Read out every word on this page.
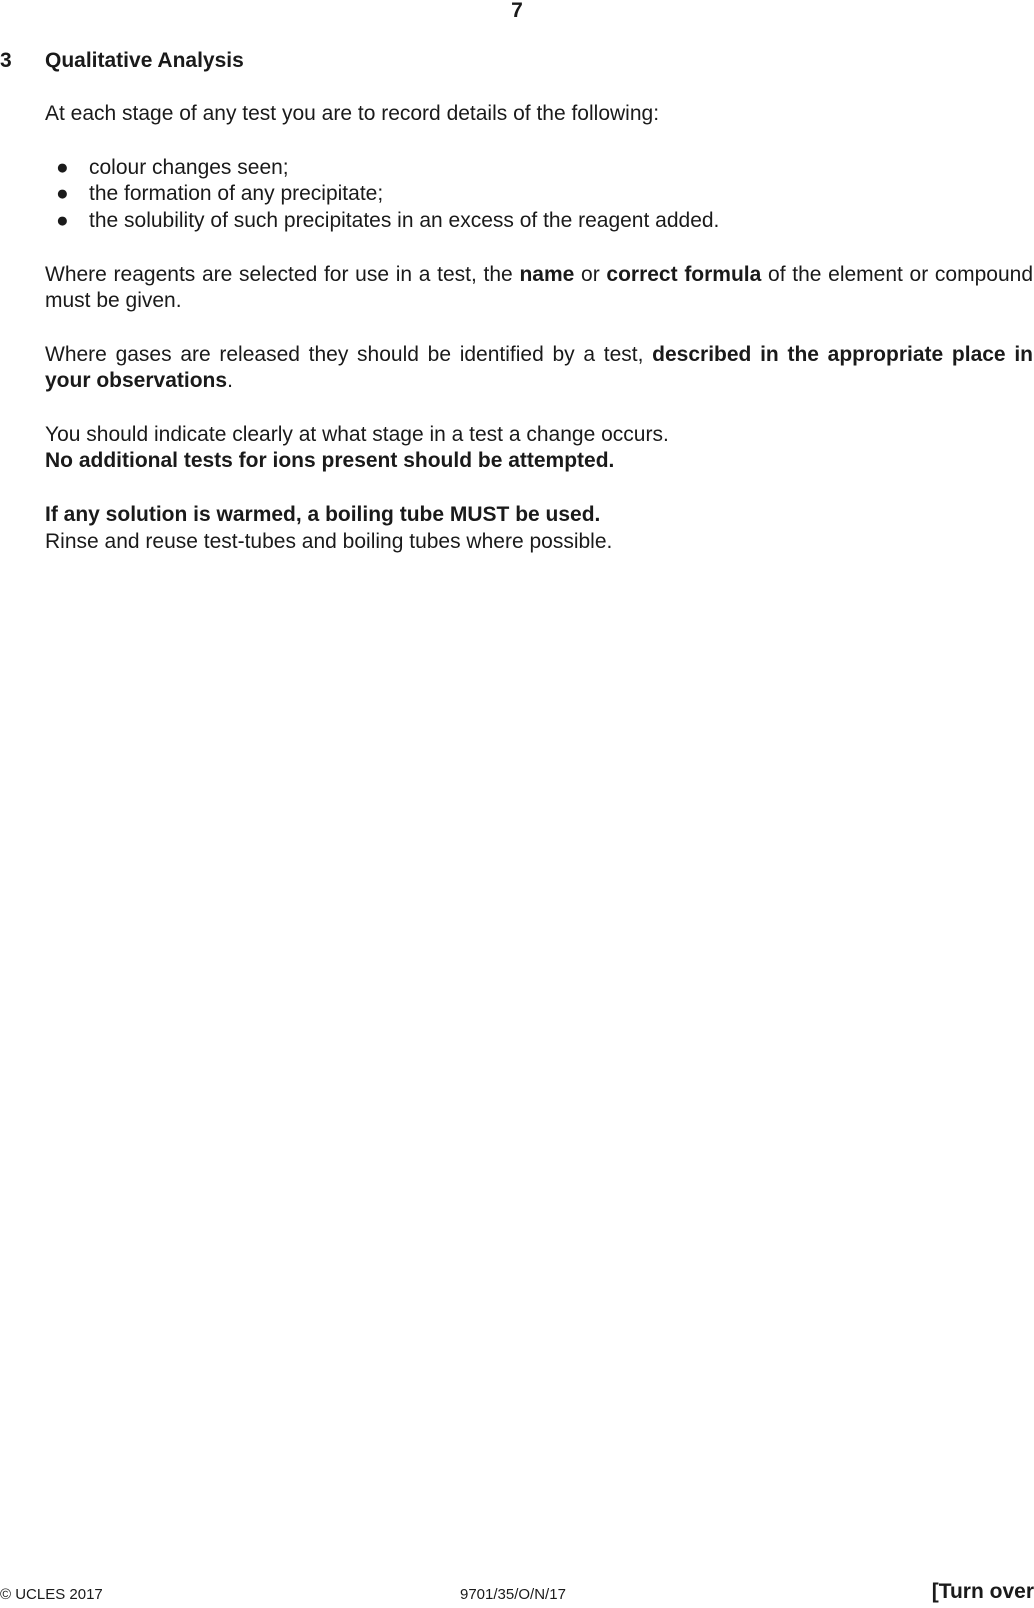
7
3 Qualitative Analysis

At each stage of any test you are to record details of the following:

● colour changes seen;
● the formation of any precipitate;
● the solubility of such precipitates in an excess of the reagent added.

Where reagents are selected for use in a test, the name or correct formula of the element or compound must be given.

Where gases are released they should be identified by a test, described in the appropriate place in your observations.

You should indicate clearly at what stage in a test a change occurs.

No additional tests for ions present should be attempted.

If any solution is warmed, a boiling tube MUST be used.

Rinse and reuse test-tubes and boiling tubes where possible.

© UCLES 2017	9701/35/O/N/17	[Turn over
